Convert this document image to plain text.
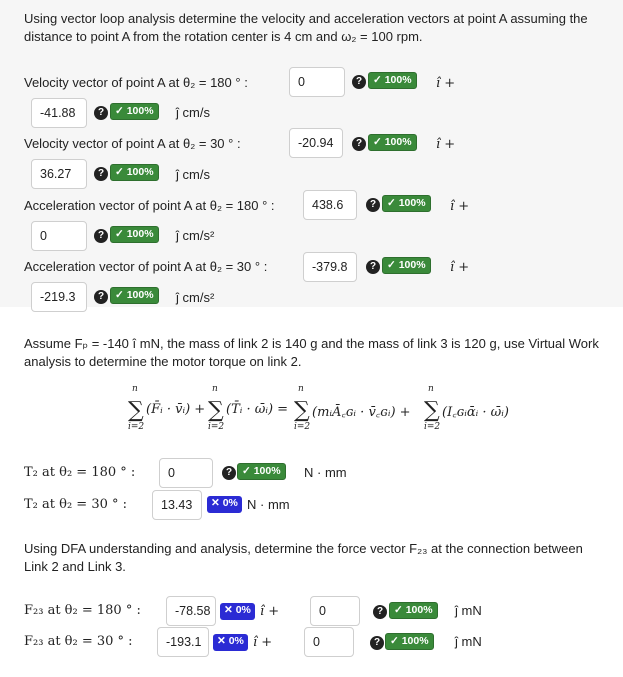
Using vector loop analysis determine the velocity and acceleration vectors at point A assuming the distance to point A from the rotation center is 4 cm and ω₂ = 100 rpm.
Velocity vector of point A at θ₂ = 180 ° :	0	?	✓ 100%	î +
-41.88	?	✓ 100%	ĵ cm/s
Velocity vector of point A at θ₂ = 30 ° :	-20.94	?	✓ 100%	î +
36.27	?	✓ 100%	ĵ cm/s
Acceleration vector of point A at θ₂ = 180 ° :	438.6	?	✓ 100%	î +
0	?	✓ 100%	ĵ cm/s²
Acceleration vector of point A at θ₂ = 30 ° :	-379.8	?	✓ 100%	î +
-219.3	?	✓ 100%	ĵ cm/s²
Assume Fₚ = -140 î mN, the mass of link 2 is 140 g and the mass of link 3 is 120 g, use Virtual Work analysis to determine the motor torque on link 2.
∑
n
i=2
(F̄ᵢ · v̄ᵢ) + ∑
n
i=2
(T̄ᵢ · ω̄ᵢ) = ∑
n
i=2
(mᵢĀ꜀ɢᵢ · v̄꜀ɢᵢ) + ∑
n
i=2
(I꜀ɢᵢᾱᵢ · ω̄ᵢ)
T₂ at θ₂ = 180 ° :	0	? ✓ 100%	N · mm
T₂ at θ₂ = 30 ° :	13.43	✕ 0% N · mm
Using DFA understanding and analysis, determine the force vector F₂₃ at the connection between Link 2 and Link 3.
F₂₃ at θ₂ = 180 ° :	-78.58	✕ 0% î +	0	?	✓ 100%	ĵ mN
F₂₃ at θ₂ = 30 ° :	-193.1	✕ 0% î +	0	? ✓ 100%	ĵ mN
